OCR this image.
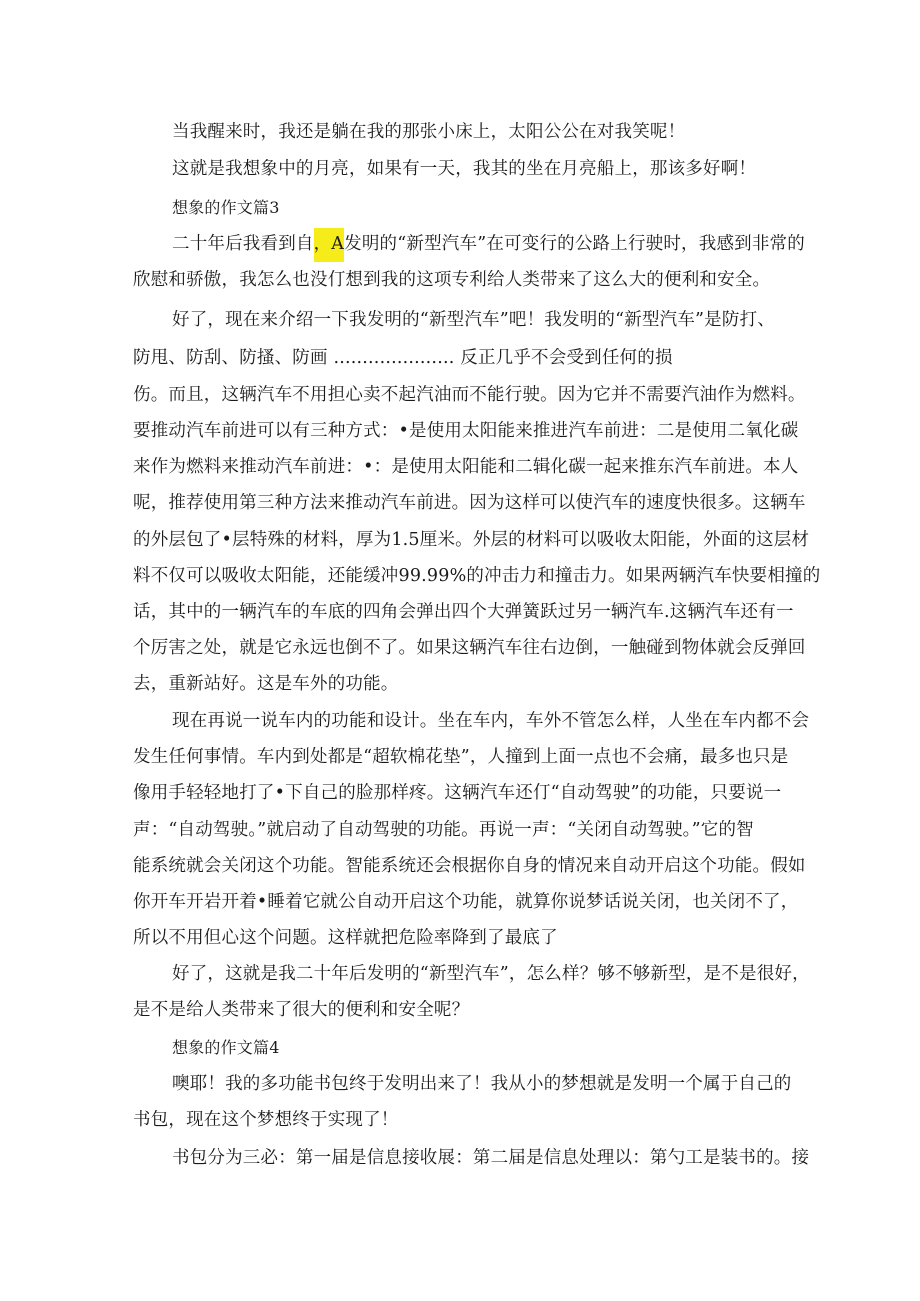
当我醒来时，我还是躺在我的那张小床上，太阳公公在对我笑呢！
这就是我想象中的月亮，如果有一天，我其的坐在月亮船上，那该多好啊！
想象的作文篇3
二十年后我看到自，A发明的“新型汽车”在可变行的公路上行驶时，我感到非常的
欣慰和骄傲，我怎么也没仃想到我的这项专利给人类带来了这么大的便利和安全。
好了，现在来介绍一下我发明的“新型汽车”吧！我发明的“新型汽车”是防打、
防甩、防刮、防搔、防画 ..................... 反正几乎不会受到任何的损
伤。而且，这辆汽车不用担心卖不起汽油而不能行驶。因为它并不需要汽油作为燃料。
要推动汽车前进可以有三种方式：•是使用太阳能来推进汽车前进：二是使用二氧化碳
来作为燃料来推动汽车前进：•：是使用太阳能和二辑化碳一起来推东汽车前进。本人
呢，推荐使用第三种方法来推动汽车前进。因为这样可以使汽车的速度快很多。这辆车
的外层包了•层特殊的材料，厚为1.5厘米。外层的材料可以吸收太阳能，外面的这层材
料不仅可以吸收太阳能，还能缓冲99.99%的冲击力和撞击力。如果两辆汽车快要相撞的
话，其中的一辆汽车的车底的四角会弹出四个大弹簧跃过另一辆汽车.这辆汽车还有一
个厉害之处，就是它永远也倒不了。如果这辆汽车往右边倒，一触碰到物体就会反弹回
去，重新站好。这是车外的功能。
现在再说一说车内的功能和设计。坐在车内，车外不管怎么样，人坐在车内都不会
发生任何事情。车内到处都是“超软棉花垫”，人撞到上面一点也不会痛，最多也只是
像用手轻轻地打了•下自己的脸那样疼。这辆汽车还仃“自动驾驶”的功能，只要说一
声：“自动驾驶。”就启动了自动驾驶的功能。再说一声：“关闭自动驾驶。”它的智
能系统就会关闭这个功能。智能系统还会根据你自身的情况来自动开启这个功能。假如
你开车开岩开着•睡着它就公自动开启这个功能，就算你说梦话说关闭，也关闭不了，
所以不用但心这个问题。这样就把危险率降到了最底了
好了，这就是我二十年后发明的“新型汽车”，怎么样？够不够新型，是不是很好，
是不是给人类带来了很大的便利和安全呢？
想象的作文篇4
噢耶！我的多功能书包终于发明出来了！我从小的梦想就是发明一个属于自己的
书包，现在这个梦想终于实现了！
书包分为三必：第一届是信息接收展：第二届是信息处理以：第勺工是装书的。接
